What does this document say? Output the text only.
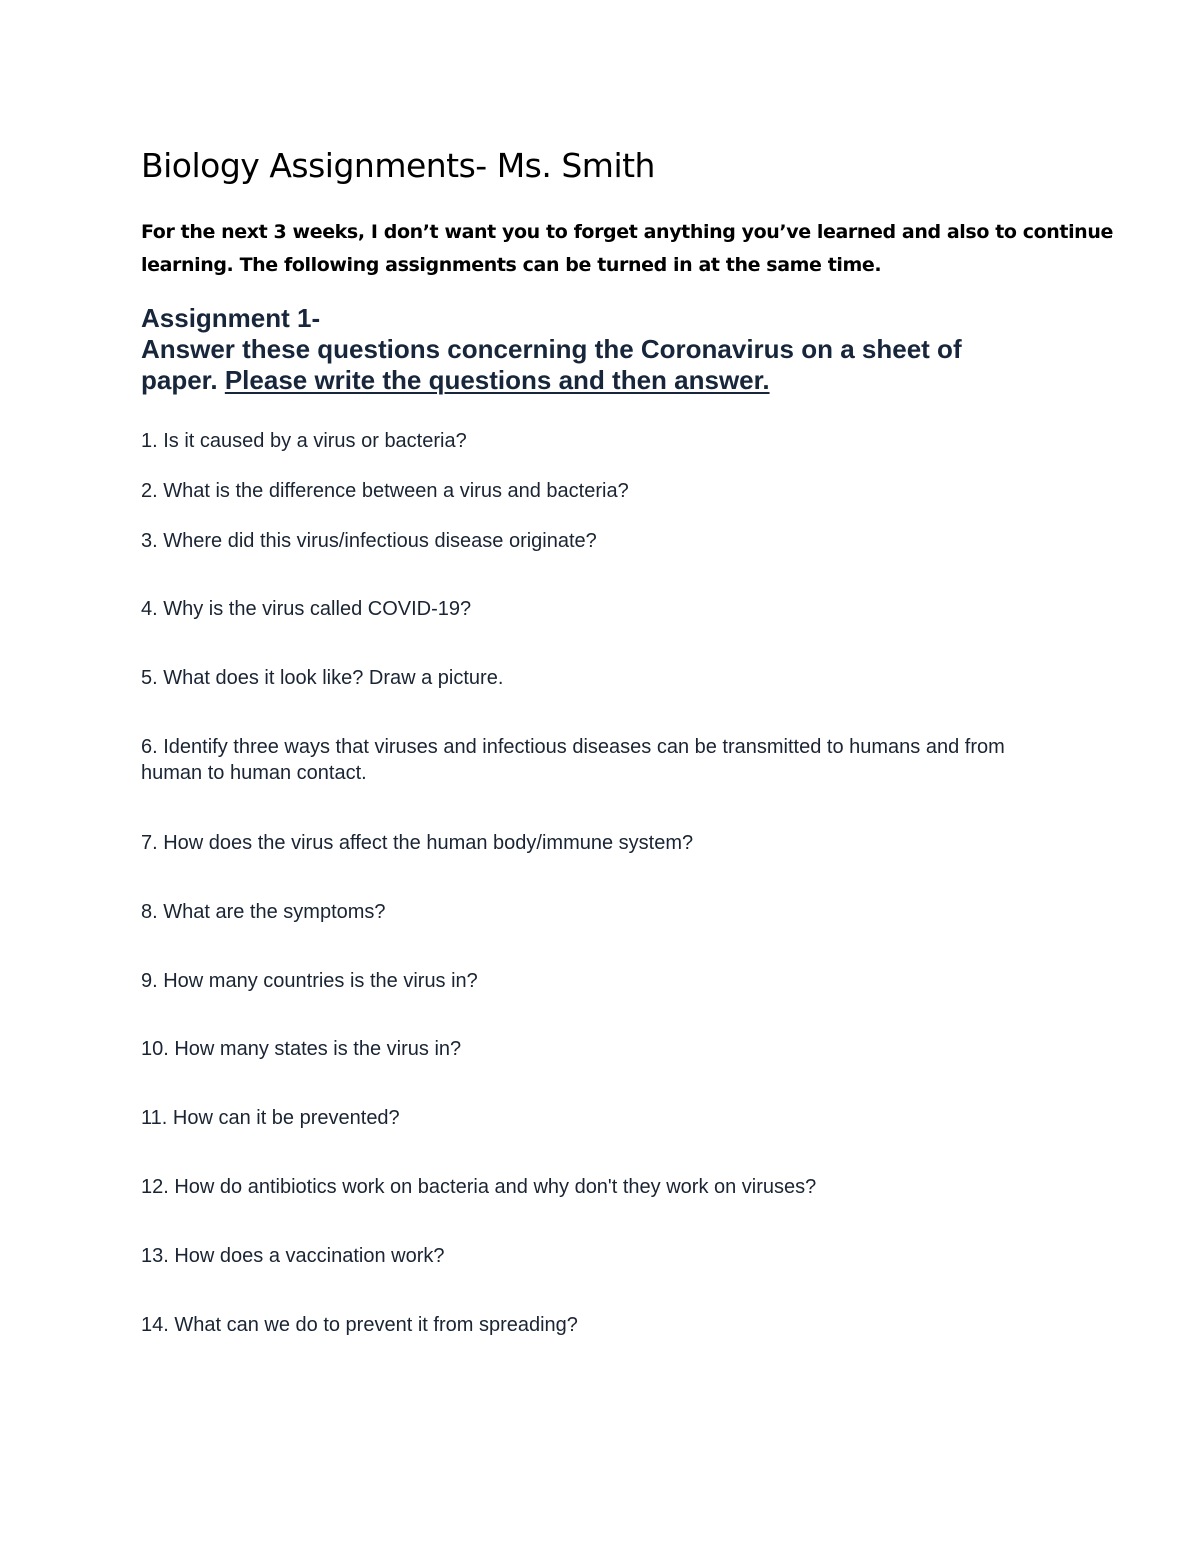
Biology Assignments- Ms. Smith

For the next 3 weeks, I don’t want you to forget anything you’ve learned and also to continue
learning. The following assignments can be turned in at the same time.

Assignment 1-
Answer these questions concerning the Coronavirus on a sheet of
paper. Please write the questions and then answer.

1. Is it caused by a virus or bacteria?

2. What is the difference between a virus and bacteria?

3. Where did this virus/infectious disease originate?

4. Why is the virus called COVID-19?

5. What does it look like? Draw a picture.

6. Identify three ways that viruses and infectious diseases can be transmitted to humans and from human to human contact.

7. How does the virus affect the human body/immune system?

8. What are the symptoms?

9. How many countries is the virus in?

10. How many states is the virus in?

11. How can it be prevented?

12. How do antibiotics work on bacteria and why don't they work on viruses?

13. How does a vaccination work?

14. What can we do to prevent it from spreading?
